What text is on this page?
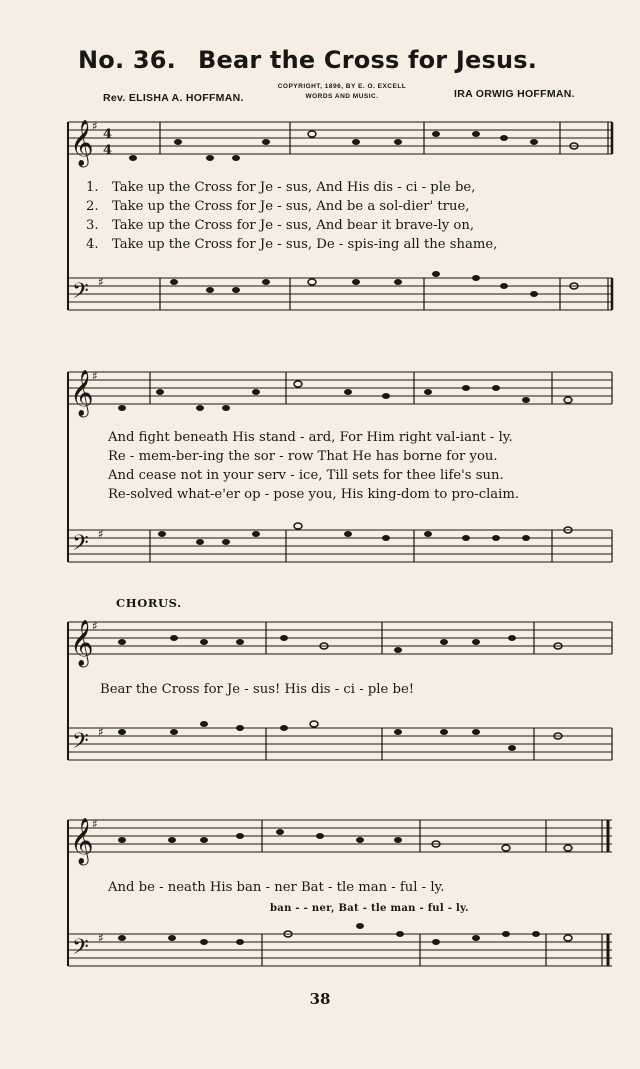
No. 36. Bear the Cross for Jesus.
Rev. ELISHA A. HOFFMAN.
COPYRIGHT, 1896, BY E. O. EXCELL
WORDS AND MUSIC.	IRA ORWIG HOFFMAN.
𝄞
𝄢
♯
♯
4
4
1. Take up the Cross for Je - sus, And His dis - ci - ple be,
2. Take up the Cross for Je - sus, And be a sol-dier' true,
3. Take up the Cross for Je - sus, And bear it brave-ly on,
4. Take up the Cross for Je - sus, De - spis-ing all the shame,
𝄞
𝄢
♯
♯
And fight beneath His stand - ard, For Him right val-iant - ly.
Re - mem-ber-ing the sor - row That He has borne for you.
And cease not in your serv - ice, Till sets for thee life's sun.
Re-solved what-e'er op - pose you, His king-dom to pro-claim.
CHORUS.
𝄞
𝄢
♯
♯
Bear the Cross for Je - sus! His dis - ci - ple be!
𝄞
𝄢
♯
♯
And be - neath His ban - ner Bat - tle man - ful - ly.
ban - - ner, Bat - tle man - ful - ly.
38
